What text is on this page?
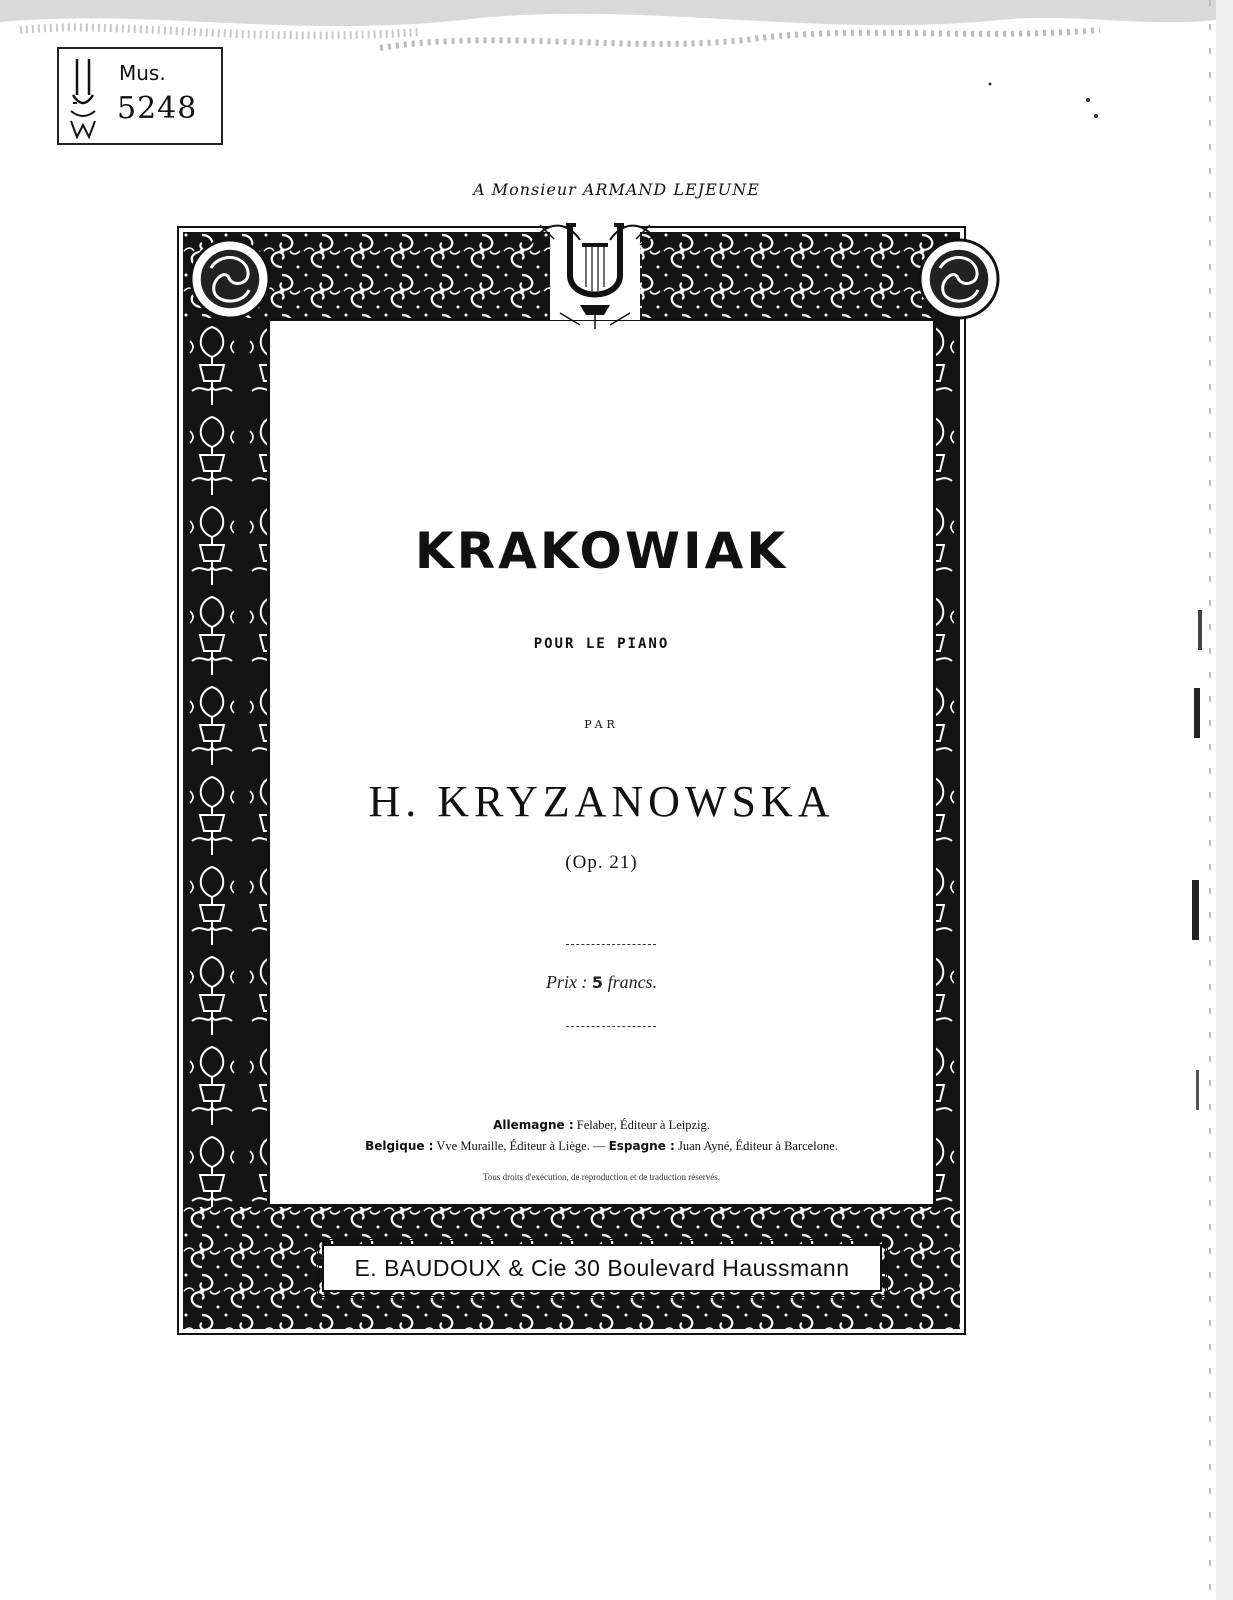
Mus.
5248
A Monsieur ARMAND LEJEUNE
KRAKOWIAK
POUR LE PIANO
PAR
H. KRYZANOWSKA
(Op. 21)
Prix : 5 francs.
Allemagne : Felaber, Éditeur à Leipzig.
Belgique : Vve Muraille, Éditeur à Liège. — Espagne : Juan Ayné, Éditeur à Barcelone.
Tous droits d'exécution, de reproduction et de traduction réservés.
E. BAUDOUX & Cie 30 Boulevard Haussmann
